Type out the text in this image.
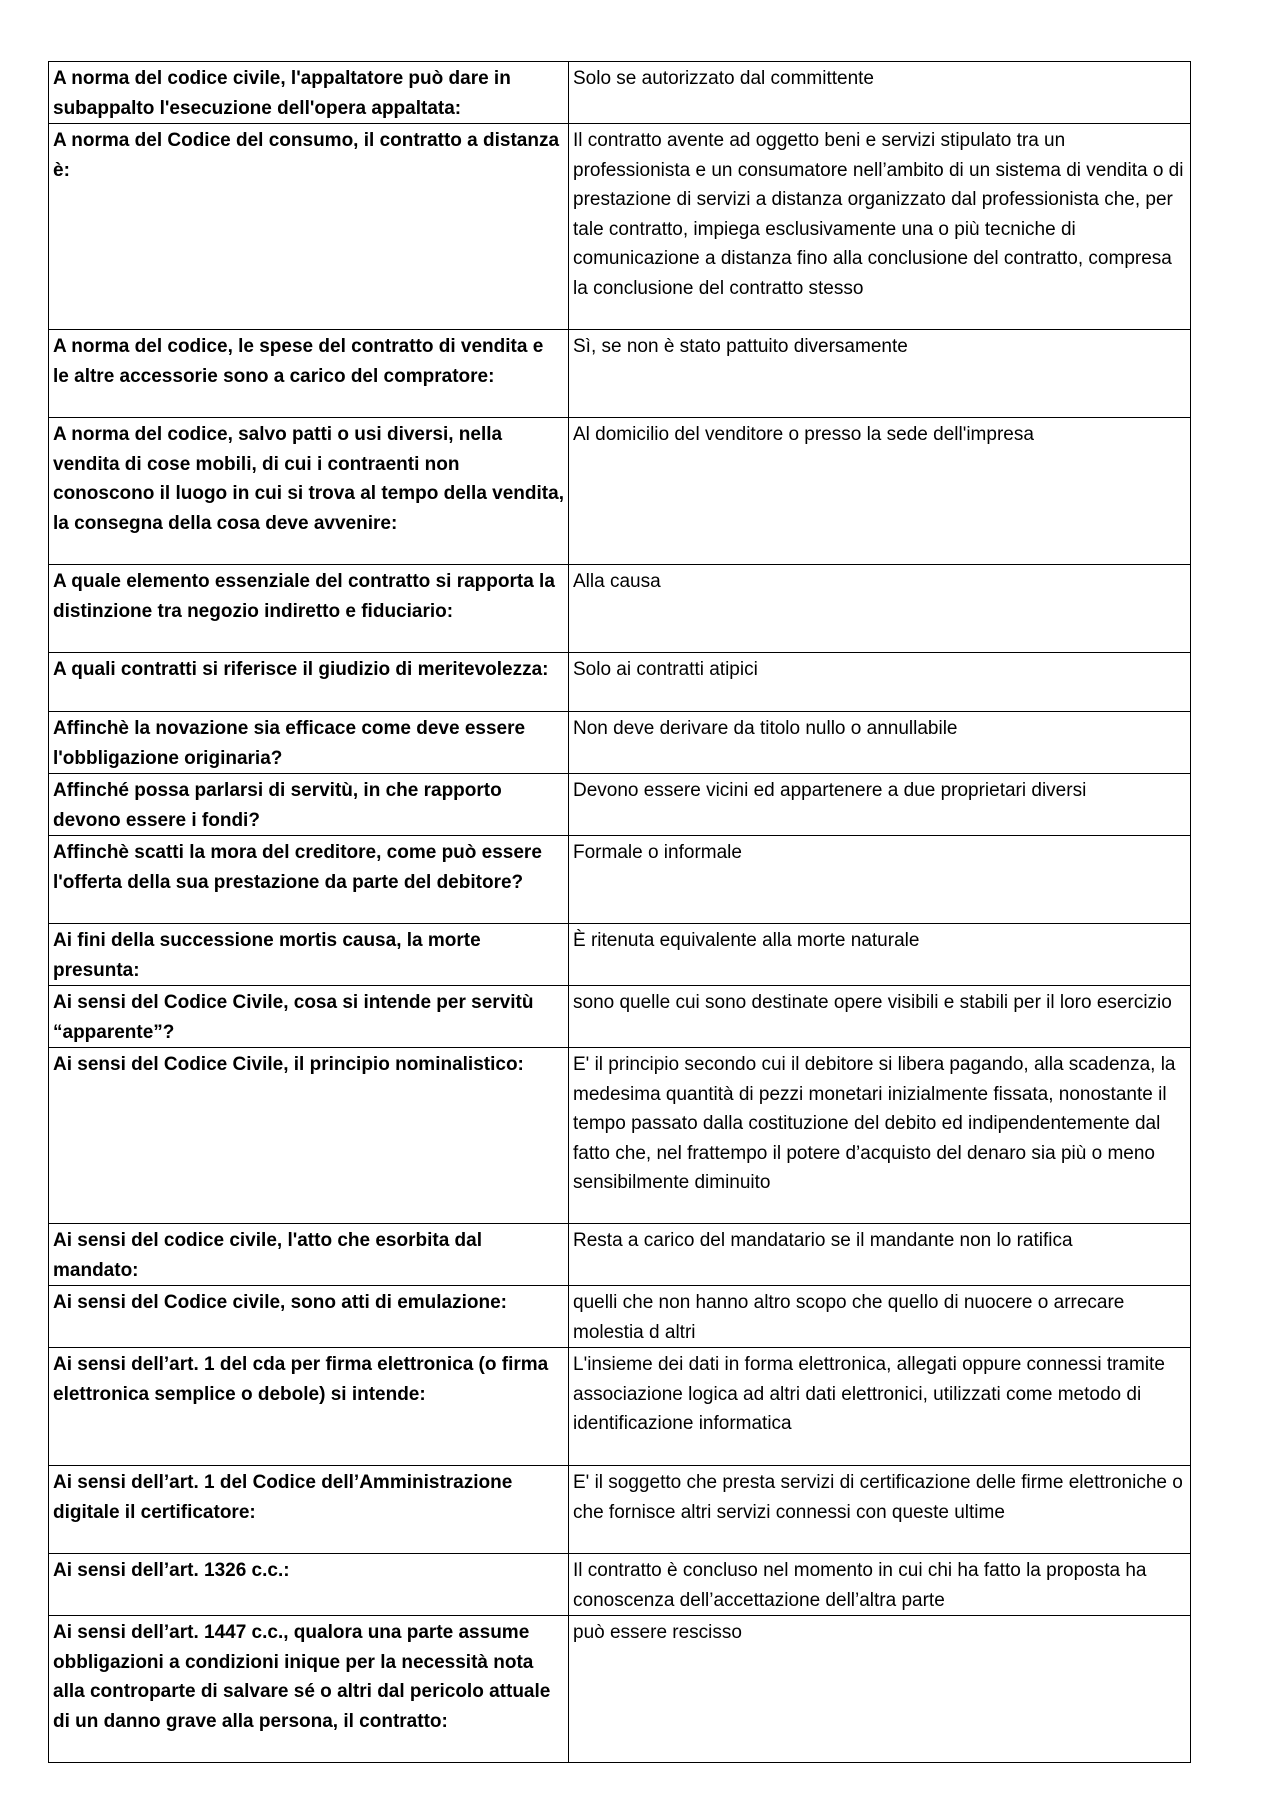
A norma del codice civile, l'appaltatore può dare in subappalto l'esecuzione dell'opera appaltata:	Solo se autorizzato dal committente
A norma del Codice del consumo, il contratto a distanza è:	Il contratto avente ad oggetto beni e servizi stipulato tra un professionista e un consumatore nell’ambito di un sistema di vendita o di prestazione di servizi a distanza organizzato dal professionista che, per tale contratto, impiega esclusivamente una o più tecniche di comunicazione a distanza fino alla conclusione del contratto, compresa la conclusione del contratto stesso
A norma del codice, le spese del contratto di vendita e le altre accessorie sono a carico del compratore:	Sì, se non è stato pattuito diversamente
A norma del codice, salvo patti o usi diversi, nella vendita di cose mobili, di cui i contraenti non conoscono il luogo in cui si trova al tempo della vendita, la consegna della cosa deve avvenire:	Al domicilio del venditore o presso la sede dell'impresa
A quale elemento essenziale del contratto si rapporta la distinzione tra negozio indiretto e fiduciario:	Alla causa
A quali contratti si riferisce il giudizio di meritevolezza:	Solo ai contratti atipici
Affinchè la novazione sia efficace come deve essere l'obbligazione originaria?	Non deve derivare da titolo nullo o annullabile
Affinché possa parlarsi di servitù, in che rapporto devono essere i fondi?	Devono essere vicini ed appartenere a due proprietari diversi
Affinchè scatti la mora del creditore, come può essere l'offerta della sua prestazione da parte del debitore?	Formale o informale
Ai fini della successione mortis causa, la morte presunta:	È ritenuta equivalente alla morte naturale
Ai sensi del Codice Civile, cosa si intende per servitù “apparente”?	sono quelle cui sono destinate opere visibili e stabili per il loro esercizio
Ai sensi del Codice Civile, il principio nominalistico:	E' il principio secondo cui il debitore si libera pagando, alla scadenza, la medesima quantità di pezzi monetari inizialmente fissata, nonostante il tempo passato dalla costituzione del debito ed indipendentemente dal fatto che, nel frattempo il potere d’acquisto del denaro sia più o meno sensibilmente diminuito
Ai sensi del codice civile, l'atto che esorbita dal mandato:	Resta a carico del mandatario se il mandante non lo ratifica
Ai sensi del Codice civile, sono atti di emulazione:	quelli che non hanno altro scopo che quello di nuocere o arrecare molestia d altri
Ai sensi dell’art. 1 del cda per firma elettronica (o firma elettronica semplice o debole) si intende:	L'insieme dei dati in forma elettronica, allegati oppure connessi tramite associazione logica ad altri dati elettronici, utilizzati come metodo di identificazione informatica
Ai sensi dell’art. 1 del Codice dell’Amministrazione digitale il certificatore:	E' il soggetto che presta servizi di certificazione delle firme elettroniche o che fornisce altri servizi connessi con queste ultime
Ai sensi dell’art. 1326 c.c.:	Il contratto è concluso nel momento in cui chi ha fatto la proposta ha conoscenza dell’accettazione dell’altra parte
Ai sensi dell’art. 1447 c.c., qualora una parte assume obbligazioni a condizioni inique per la necessità nota alla controparte di salvare sé o altri dal pericolo attuale di un danno grave alla persona, il contratto:	può essere rescisso
